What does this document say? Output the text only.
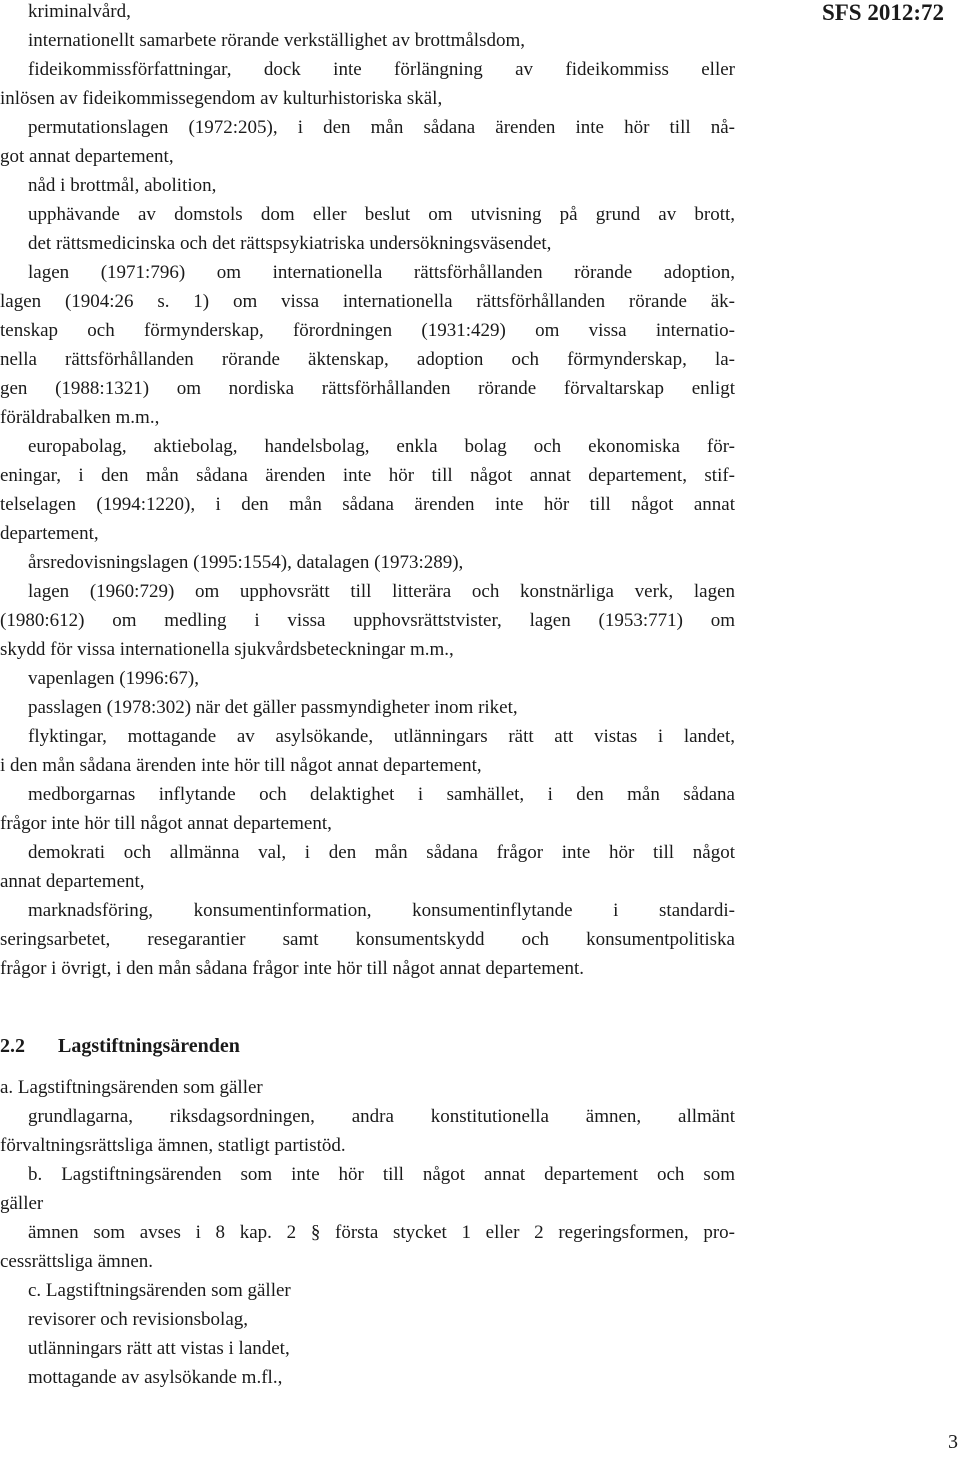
SFS 2012:72
kriminalvård,
internationellt samarbete rörande verkställighet av brottmålsdom,
fideikommissförfattningar, dock inte förlängning av fideikommiss eller
inlösen av fideikommissegendom av kulturhistoriska skäl,
permutationslagen (1972:205), i den mån sådana ärenden inte hör till nå-
got annat departement,
nåd i brottmål, abolition,
upphävande av domstols dom eller beslut om utvisning på grund av brott,
det rättsmedicinska och det rättspsykiatriska undersökningsväsendet,
lagen (1971:796) om internationella rättsförhållanden rörande adoption,
lagen (1904:26 s. 1) om vissa internationella rättsförhållanden rörande äk-
tenskap och förmynderskap, förordningen (1931:429) om vissa internatio-
nella rättsförhållanden rörande äktenskap, adoption och förmynderskap, la-
gen (1988:1321) om nordiska rättsförhållanden rörande förvaltarskap enligt
föräldrabalken m.m.,
europabolag, aktiebolag, handelsbolag, enkla bolag och ekonomiska för-
eningar, i den mån sådana ärenden inte hör till något annat departement, stif-
telselagen (1994:1220), i den mån sådana ärenden inte hör till något annat
departement,
årsredovisningslagen (1995:1554), datalagen (1973:289),
lagen (1960:729) om upphovsrätt till litterära och konstnärliga verk, lagen
(1980:612) om medling i vissa upphovsrättstvister, lagen (1953:771) om
skydd för vissa internationella sjukvårdsbeteckningar m.m.,
vapenlagen (1996:67),
passlagen (1978:302) när det gäller passmyndigheter inom riket,
flyktingar, mottagande av asylsökande, utlänningars rätt att vistas i landet,
i den mån sådana ärenden inte hör till något annat departement,
medborgarnas inflytande och delaktighet i samhället, i den mån sådana
frågor inte hör till något annat departement,
demokrati och allmänna val, i den mån sådana frågor inte hör till något
annat departement,
marknadsföring, konsumentinformation, konsumentinflytande i standardi-
seringsarbetet, resegarantier samt konsumentskydd och konsumentpolitiska
frågor i övrigt, i den mån sådana frågor inte hör till något annat departement.
2.2 Lagstiftningsärenden
a. Lagstiftningsärenden som gäller
grundlagarna, riksdagsordningen, andra konstitutionella ämnen, allmänt
förvaltningsrättsliga ämnen, statligt partistöd.
b. Lagstiftningsärenden som inte hör till något annat departement och som
gäller
ämnen som avses i 8 kap. 2 § första stycket 1 eller 2 regeringsformen, pro-
cessrättsliga ämnen.
c. Lagstiftningsärenden som gäller
revisorer och revisionsbolag,
utlänningars rätt att vistas i landet,
mottagande av asylsökande m.fl.,
3
